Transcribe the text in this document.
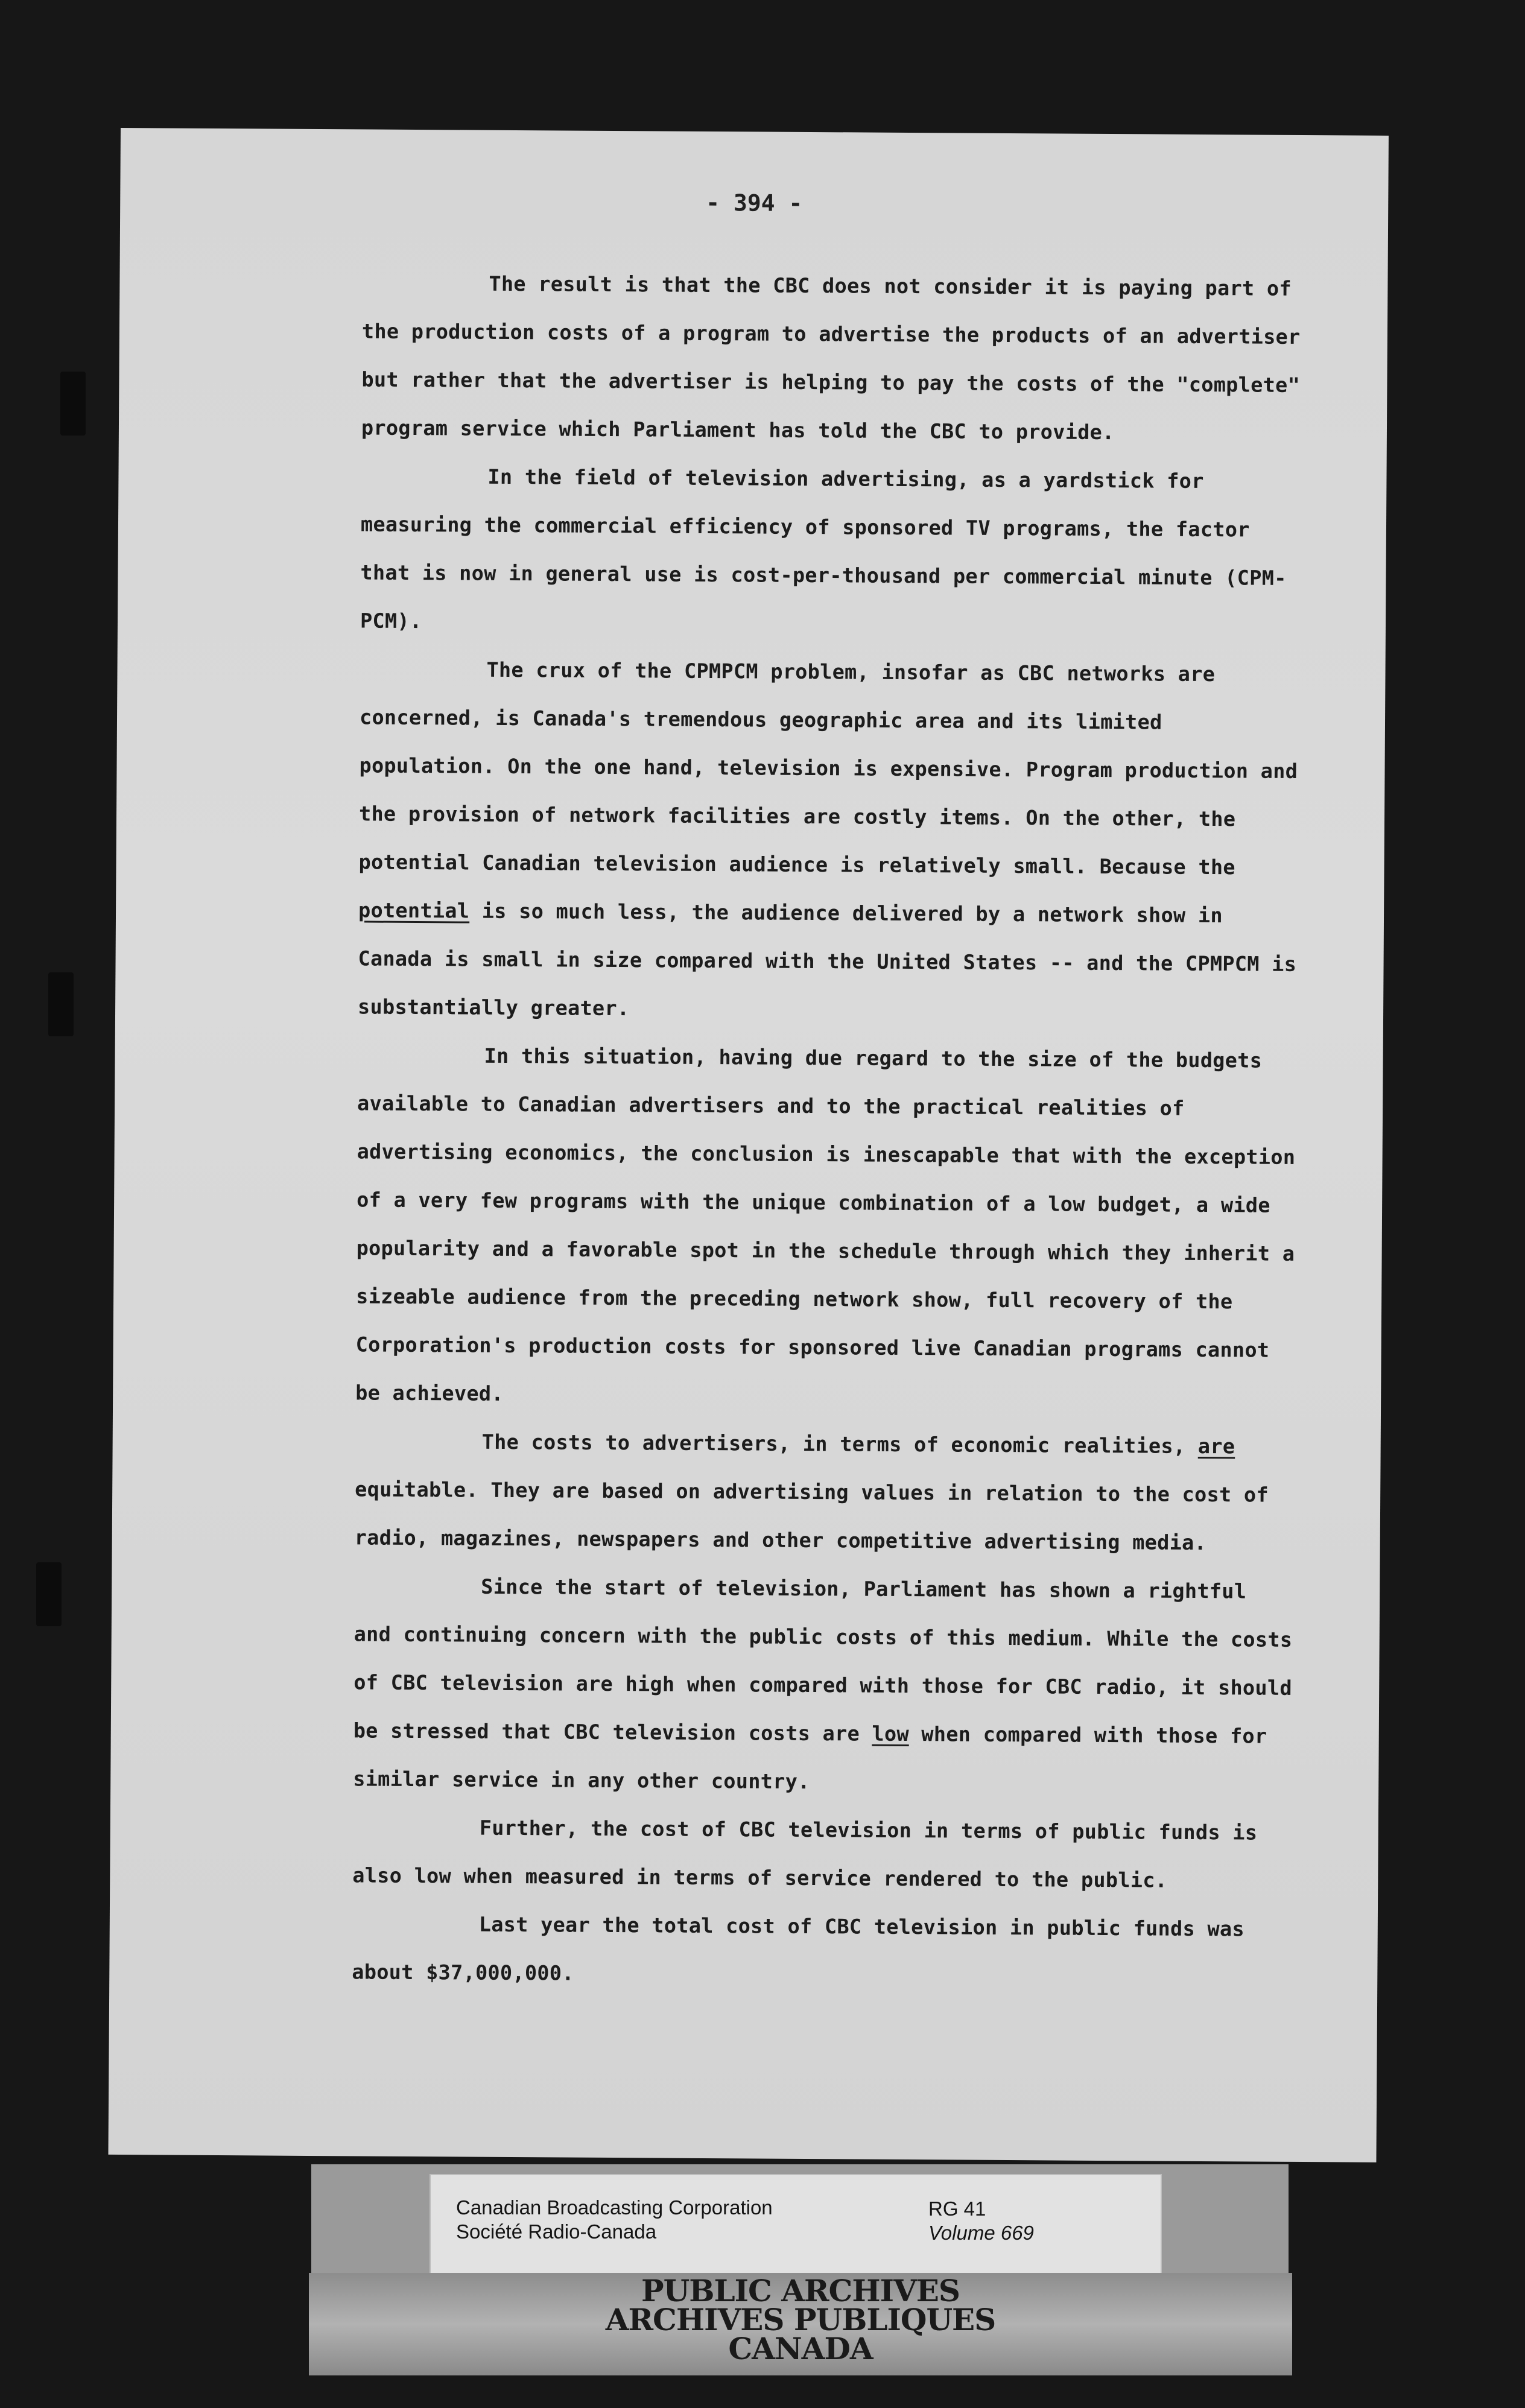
- 394 -

The result is that the CBC does not consider it is paying part of the production costs of a program to advertise the products of an advertiser but rather that the advertiser is helping to pay the costs of the "complete" program service which Parliament has told the CBC to provide.

In the field of television advertising, as a yardstick for measuring the commercial efficiency of sponsored TV programs, the factor that is now in general use is cost-per-thousand per commercial minute (CPM-PCM).

The crux of the CPMPCM problem, insofar as CBC networks are concerned, is Canada's tremendous geographic area and its limited population. On the one hand, television is expensive. Program production and the provision of network facilities are costly items. On the other, the potential Canadian television audience is relatively small. Because the potential is so much less, the audience delivered by a network show in Canada is small in size compared with the United States -- and the CPMPCM is substantially greater.

In this situation, having due regard to the size of the budgets available to Canadian advertisers and to the practical realities of advertising economics, the conclusion is inescapable that with the exception of a very few programs with the unique combination of a low budget, a wide popularity and a favorable spot in the schedule through which they inherit a sizeable audience from the preceding network show, full recovery of the Corporation's production costs for sponsored live Canadian programs cannot be achieved.

The costs to advertisers, in terms of economic realities, are equitable. They are based on advertising values in relation to the cost of radio, magazines, newspapers and other competitive advertising media.

Since the start of television, Parliament has shown a rightful and continuing concern with the public costs of this medium. While the costs of CBC television are high when compared with those for CBC radio, it should be stressed that CBC television costs are low when compared with those for similar service in any other country.

Further, the cost of CBC television in terms of public funds is also low when measured in terms of service rendered to the public.

Last year the total cost of CBC television in public funds was about $37,000,000.

Canadian Broadcasting Corporation
Société Radio-Canada
RG 41
Volume 669
PUBLIC ARCHIVES
ARCHIVES PUBLIQUES
CANADA
